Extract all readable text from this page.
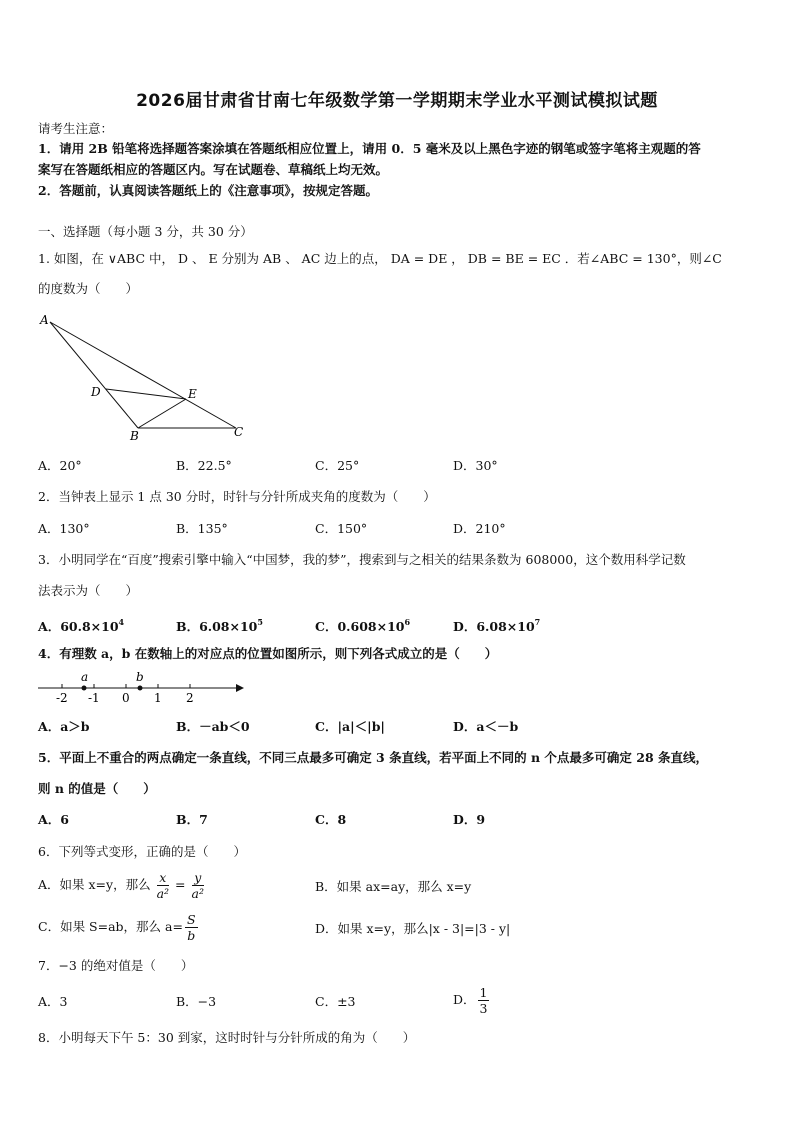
2026届甘肃省甘南七年级数学第一学期期末学业水平测试模拟试题
请考生注意：
1．请用 2B 铅笔将选择题答案涂填在答题纸相应位置上，请用 0．5 毫米及以上黑色字迹的钢笔或签字笔将主观题的答
案写在答题纸相应的答题区内。写在试题卷、草稿纸上均无效。
2．答题前，认真阅读答题纸上的《注意事项》，按规定答题。
一、选择题（每小题 3 分，共 30 分）
1. 如图，在 ∨ABC 中， D 、 E 分别为 AB 、 AC 边上的点， DA = DE ， DB = BE = EC ．若∠ABC = 130°，则∠C
的度数为（　　）
A
D	E
B	C
A．20°	B．22.5°	C．25°	D．30°
2．当钟表上显示 1 点 30 分时，时针与分针所成夹角的度数为（　　）
A．130°	B．135°	C．150°	D．210°
3．小明同学在“百度”搜索引擎中输入“中国梦，我的梦”，搜索到与之相关的结果条数为 608000，这个数用科学记数
法表示为（　　）
A．$60.8\times 10^4$	B．$6.08\times 10^5$	C．$0.608\times 10^6$	D．$6.08\times 10^7$
4．有理数 a，b 在数轴上的对应点的位置如图所示，则下列各式成立的是（　　）
a	b
-2 -1 0 1 2
A．a＞b	B．－ab＜0	C．|a|＜|b|	D．a＜－b
5．平面上不重合的两点确定一条直线，不同三点最多可确定 3 条直线，若平面上不同的 n 个点最多可确定 28 条直线，
则 n 的值是（　　）
A．6	B．7	C．8	D．9
6．下列等式变形，正确的是（　　）
A．如果 x=y，那么 $\frac{x}{\text{a²}} = \frac{y}{\text{a²}}$	B．如果 ax=ay，那么 x=y
C．如果 S=ab，那么 $a= \frac{S}{b}$	D．如果 x=y，那么|x - 3|=|3 - y|
7．−3 的绝对值是（　　）
A．3	B．−3	C．±3	D． $\frac{1}{3}$
8．小明每天下午 5：30 到家，这时时针与分针所成的角为（　　）
